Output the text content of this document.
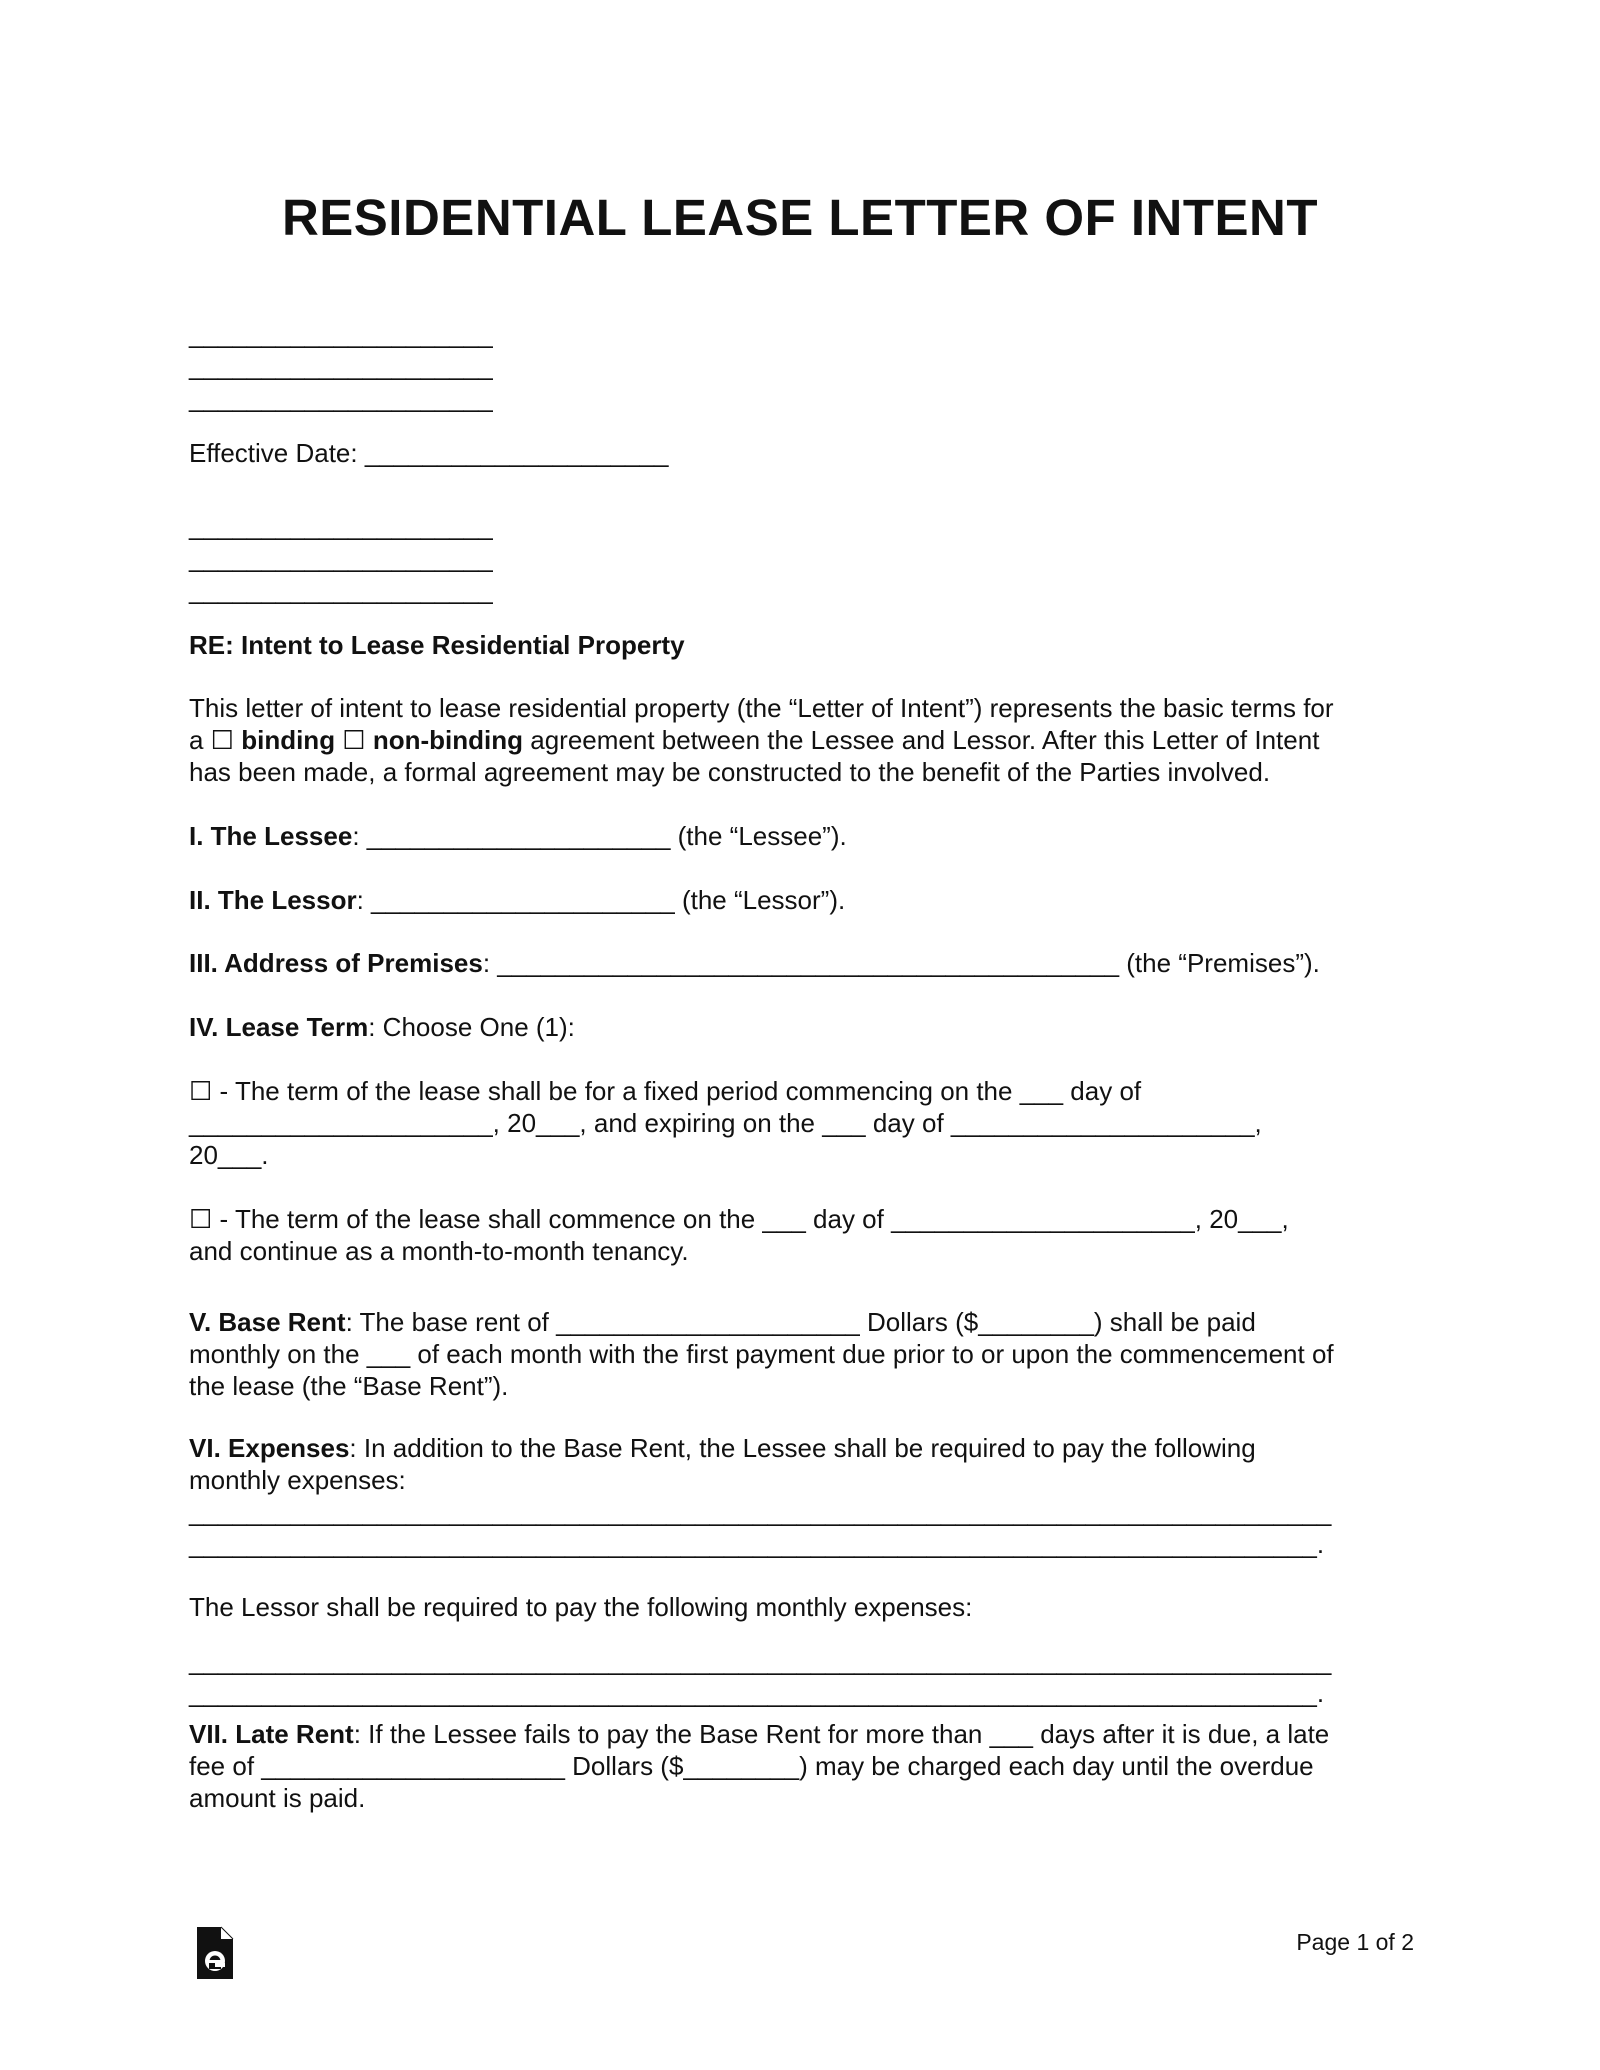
RESIDENTIAL LEASE LETTER OF INTENT
_____________________
_____________________
_____________________
Effective Date: _____________________
_____________________
_____________________
_____________________
RE: Intent to Lease Residential Property
This letter of intent to lease residential property (the “Letter of Intent”) represents the basic terms for
a ☐ binding ☐ non-binding agreement between the Lessee and Lessor. After this Letter of Intent
has been made, a formal agreement may be constructed to the benefit of the Parties involved.
I. The Lessee: _____________________ (the “Lessee”).
II. The Lessor: _____________________ (the “Lessor”).
III. Address of Premises: ___________________________________________ (the “Premises”).
IV. Lease Term: Choose One (1):
☐ - The term of the lease shall be for a fixed period commencing on the ___ day of
_____________________, 20___, and expiring on the ___ day of _____________________,
20___.
☐ - The term of the lease shall commence on the ___ day of _____________________, 20___,
and continue as a month-to-month tenancy.
V. Base Rent: The base rent of _____________________ Dollars ($________) shall be paid
monthly on the ___ of each month with the first payment due prior to or upon the commencement of
the lease (the “Base Rent”).
VI. Expenses: In addition to the Base Rent, the Lessee shall be required to pay the following
monthly expenses:
_______________________________________________________________________________
______________________________________________________________________________.
The Lessor shall be required to pay the following monthly expenses:
_______________________________________________________________________________
______________________________________________________________________________.
VII. Late Rent: If the Lessee fails to pay the Base Rent for more than ___ days after it is due, a late
fee of _____________________ Dollars ($________) may be charged each day until the overdue
amount is paid.
Page 1 of 2
